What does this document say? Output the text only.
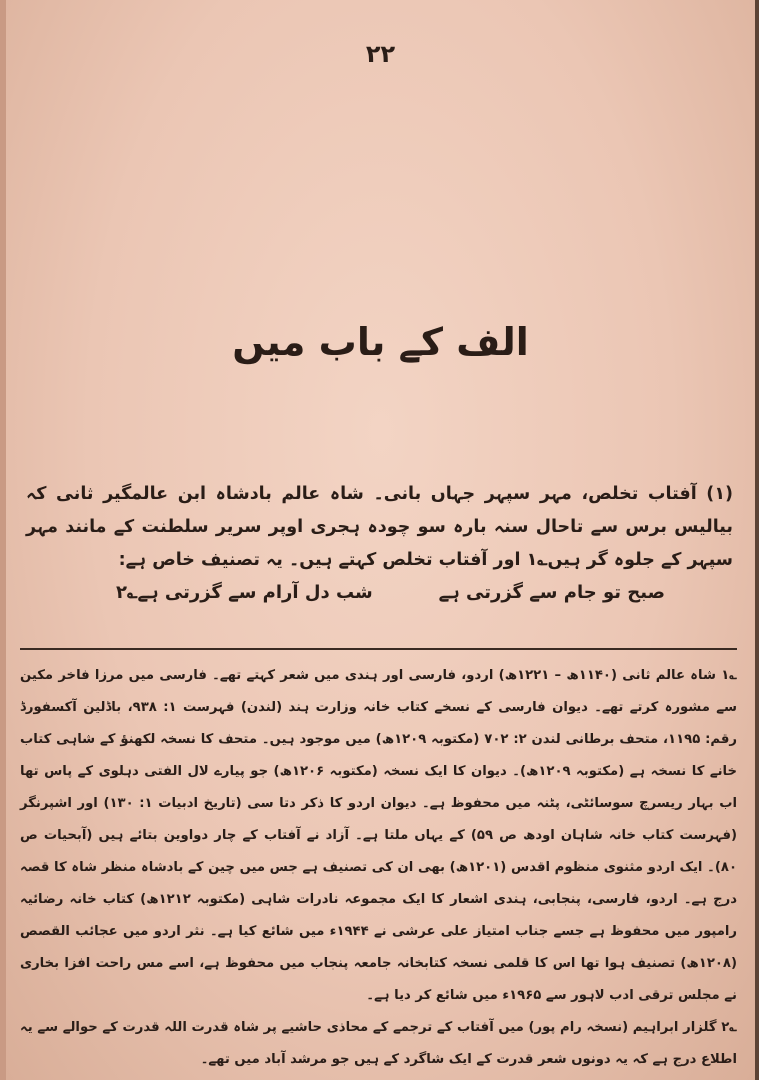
۲۲
الف کے باب میں
(۱) آفتاب تخلص، مہر سپہر جہاں بانی۔ شاہ عالم بادشاہ ابن عالمگیر ثانی کہ بیالیس برس سے تاحال سنہ بارہ سو چودہ ہجری اوپر سریر سلطنت کے مانند مہر سپہر کے جلوہ گر ہیں؎۱ اور آفتاب تخلص کہتے ہیں۔ یہ تصنیف خاص ہے:
صبح تو جام سے گزرتی ہے
شب دل آرام سے گزرتی ہے؎۲

؎۱ شاہ عالم ثانی (۱۱۴۰ھ – ۱۲۲۱ھ) اردو، فارسی اور ہندی میں شعر کہتے تھے۔ فارسی میں مرزا فاخر مکین سے مشورہ کرتے تھے۔ دیوان فارسی کے نسخے کتاب خانہ وزارت ہند (لندن) فہرست ۱: ۹۳۸، باڈلین آکسفورڈ رقم: ۱۱۹۵، متحف برطانی لندن ۲: ۷۰۲ (مکتوبہ ۱۲۰۹ھ) میں موجود ہیں۔ متحف کا نسخہ لکھنؤ کے شاہی کتاب خانے کا نسخہ ہے (مکتوبہ ۱۲۰۹ھ)۔ دیوان کا ایک نسخہ (مکتوبہ ۱۲۰۶ھ) جو پیارے لال الفتی دہلوی کے پاس تھا اب بہار ریسرچ سوسائٹی، پٹنہ میں محفوظ ہے۔ دیوان اردو کا ذکر دتا سی (تاریخ ادبیات ۱: ۱۳۰) اور اشپرنگر (فہرست کتاب خانہ شاہان اودھ ص ۵۹) کے یہاں ملتا ہے۔ آزاد نے آفتاب کے چار دواوین بتائے ہیں (آبحیات ص ۸۰)۔ ایک اردو مثنوی منظوم اقدس (۱۲۰۱ھ) بھی ان کی تصنیف ہے جس میں چین کے بادشاہ منظر شاہ کا قصہ درج ہے۔ اردو، فارسی، پنجابی، ہندی اشعار کا ایک مجموعہ نادرات شاہی (مکتوبہ ۱۲۱۲ھ) کتاب خانہ رضائیہ رامپور میں محفوظ ہے جسے جناب امتیاز علی عرشی نے ۱۹۴۴ء میں شائع کیا ہے۔ نثر اردو میں عجائب القصص (۱۲۰۸ھ) تصنیف ہوا تھا اس کا قلمی نسخہ کتابخانہ جامعہ پنجاب میں محفوظ ہے، اسے مس راحت افزا بخاری نے مجلس ترقی ادب لاہور سے ۱۹۶۵ء میں شائع کر دیا ہے۔

؎۲ گلزار ابراہیم (نسخہ رام پور) میں آفتاب کے ترجمے کے محاذی حاشیے پر شاہ قدرت اللہ قدرت کے حوالے سے یہ اطلاع درج ہے کہ یہ دونوں شعر قدرت کے ایک شاگرد کے ہیں جو مرشد آباد میں تھے۔
